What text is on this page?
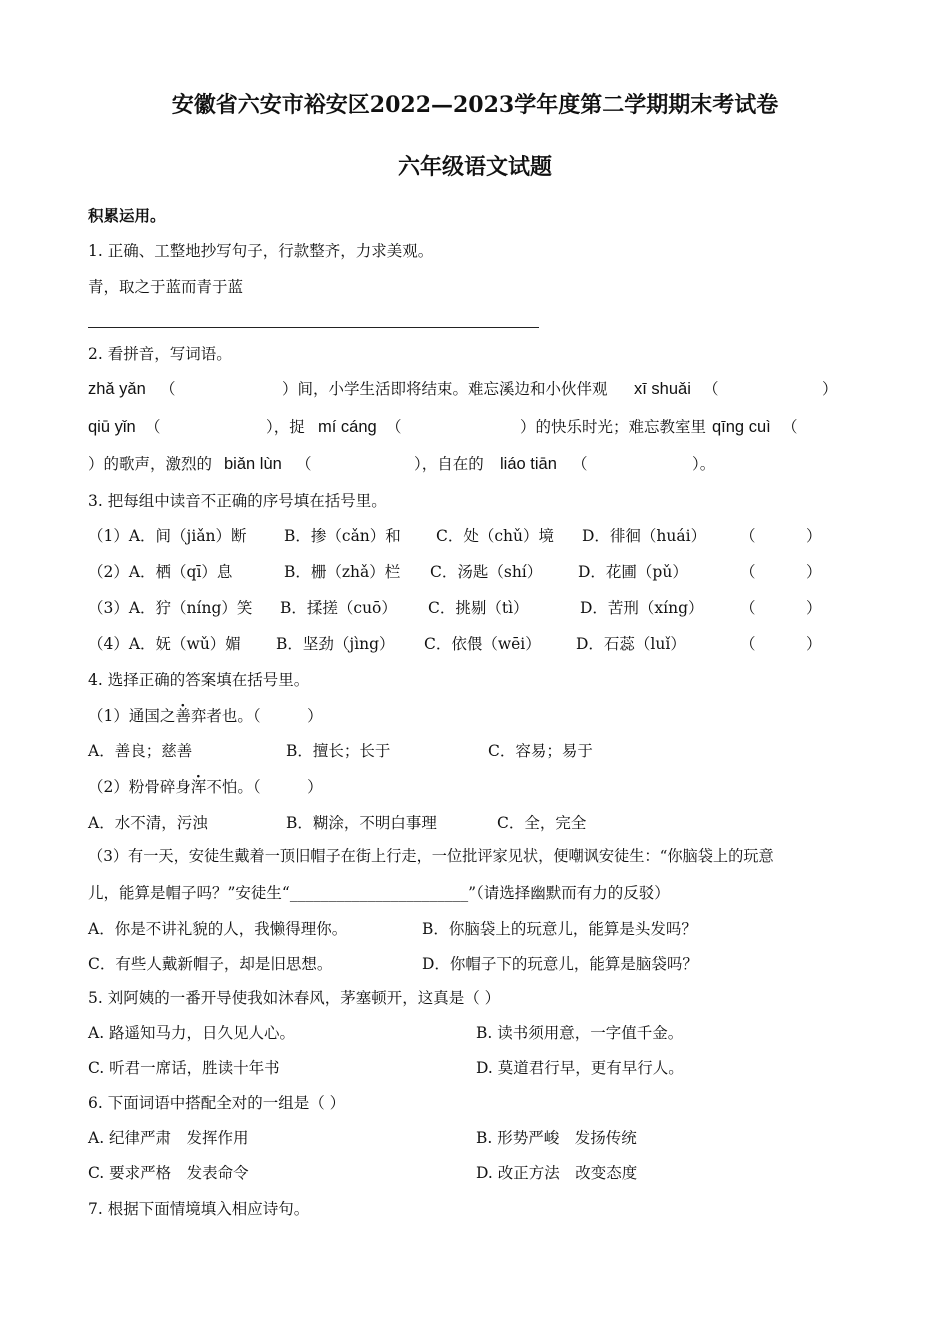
安徽省六安市裕安区2022—2023学年度第二学期期末考试卷
六年级语文试题
积累运用。
1. 正确、工整地抄写句子，行款整齐，力求美观。
青，取之于蓝而青于蓝
2. 看拼音，写词语。
zhǎ yǎn （	）间，小学生活即将结束。难忘溪边和小伙伴观 xī shuǎi （	）
qiū yǐn （	），捉 mí cáng （	）的快乐时光；难忘教室里 qīng cuì （
）的歌声，激烈的 biǎn lùn （	），自在的 liáo tiān （	）。
3. 把每组中读音不正确的序号填在括号里。
（1）A．间（jiǎn）断 B．掺（cǎn）和 C．处（chǔ）境 D．徘徊（huái） （	）
（2）A．栖（qī）息	B．栅（zhǎ）栏 C．汤匙（shí） D．花圃（pǔ）	（	）
（3）A．狞（níng）笑 B．揉搓（cuō） C．挑剔（tì）	D．苦刑（xíng） （	）
（4）A．妩（wǔ）媚 B．坚劲（jìng） C．依偎（wēi） D．石蕊（luǐ）	（	）
4. 选择正确的答案填在括号里。
（1）通国之善弈者也。（　　　）
A．善良；慈善	B．擅长；长于	C．容易；易于
（2）粉骨碎身浑不怕。（　　　）
A．水不清，污浊	B．糊涂，不明白事理	C．全，完全
（3）有一天，安徒生戴着一顶旧帽子在街上行走，一位批评家见状，便嘲讽安徒生：“你脑袋上的玩意
儿，能算是帽子吗？”安徒生“_______________________”（请选择幽默而有力的反驳）
A．你是不讲礼貌的人，我懒得理你。	B．你脑袋上的玩意儿，能算是头发吗？
C．有些人戴新帽子，却是旧思想。	D．你帽子下的玩意儿，能算是脑袋吗？
5. 刘阿姨的一番开导使我如沐春风，茅塞顿开，这真是（ ）
A. 路遥知马力，日久见人心。	B. 读书须用意，一字值千金。
C. 听君一席话，胜读十年书	D. 莫道君行早，更有早行人。
6. 下面词语中搭配全对的一组是（ ）
A. 纪律严肃　发挥作用	B. 形势严峻　发扬传统
C. 要求严格　发表命令	D. 改正方法　改变态度
7. 根据下面情境填入相应诗句。
